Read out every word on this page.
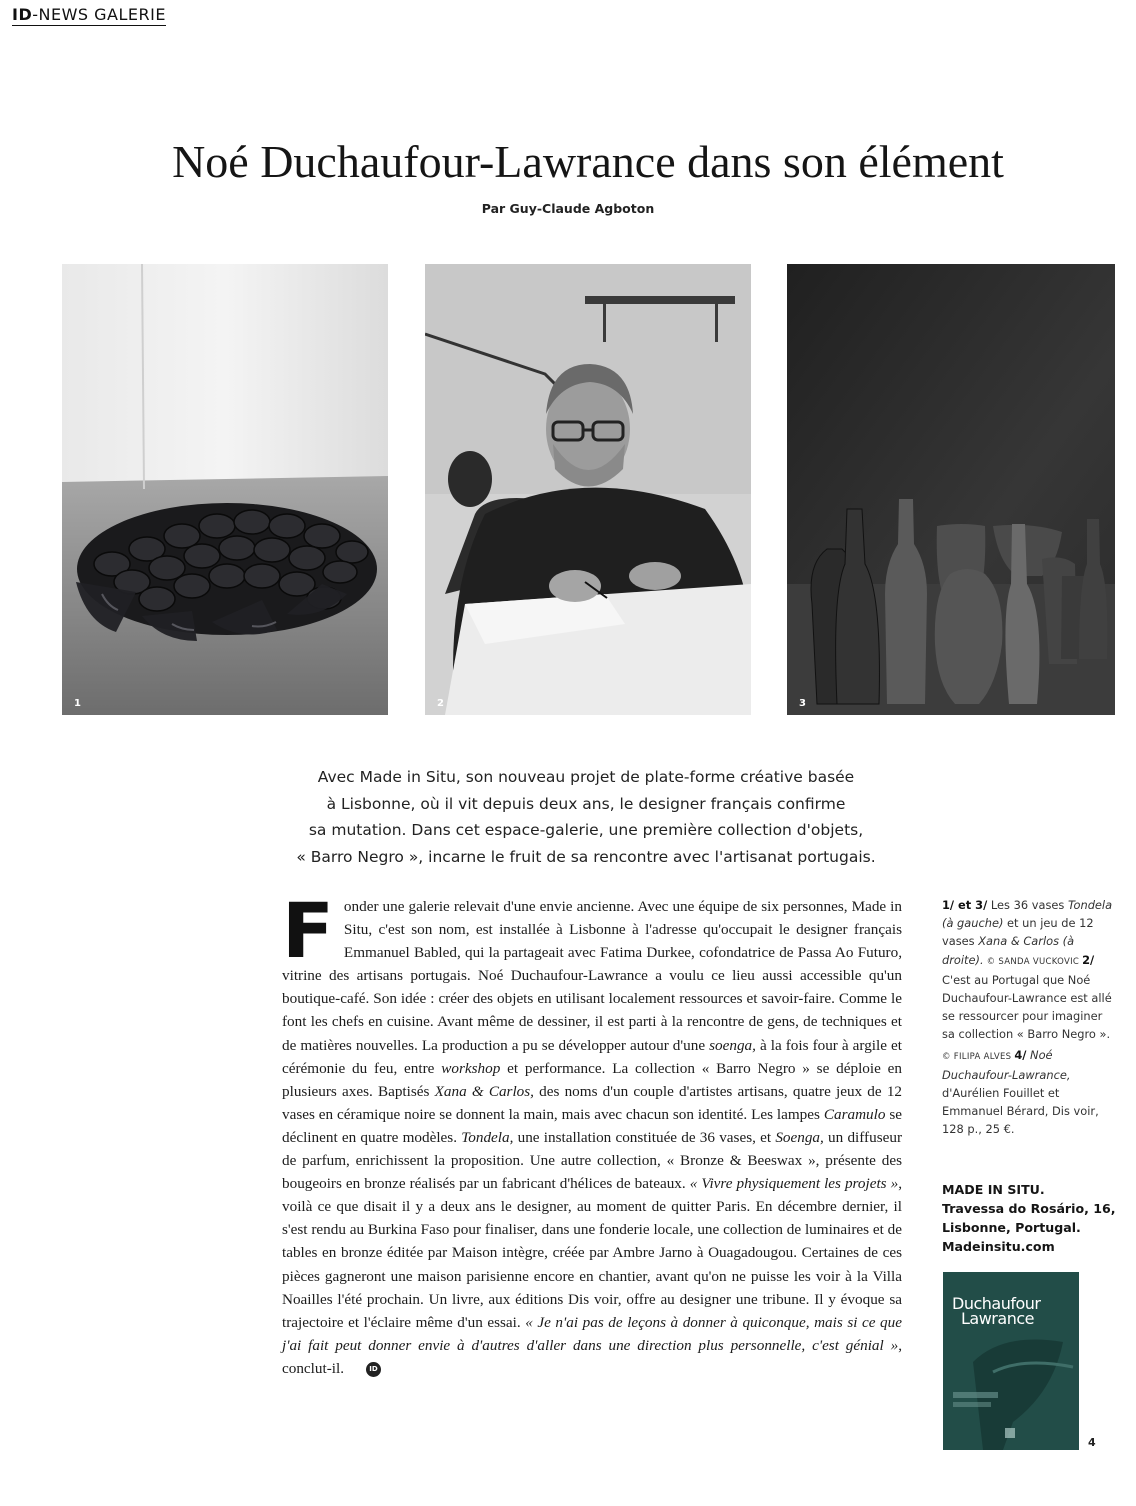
ID-NEWS GALERIE
Noé Duchaufour-Lawrance dans son élément
Par Guy-Claude Agboton
1	2	3
Avec Made in Situ, son nouveau projet de plate-forme créative basée
à Lisbonne, où il vit depuis deux ans, le designer français confirme
sa mutation. Dans cet espace-galerie, une première collection d'objets,
« Barro Negro », incarne le fruit de sa rencontre avec l'artisanat portugais.
Fonder une galerie relevait d'une envie ancienne. Avec une équipe de six personnes, Made in Situ, c'est son nom, est installée à Lisbonne à l'adresse qu'occupait le designer français Emmanuel Babled, qui la partageait avec Fatima Durkee, cofondatrice de Passa Ao Futuro, vitrine des artisans portugais. Noé Duchaufour-Lawrance a voulu ce lieu aussi accessible qu'un boutique-café. Son idée : créer des objets en utilisant localement ressources et savoir-faire. Comme le font les chefs en cuisine. Avant même de dessiner, il est parti à la rencontre de gens, de techniques et de matières nouvelles. La production a pu se développer autour d'une soenga, à la fois four à argile et cérémonie du feu, entre workshop et performance. La collection « Barro Negro » se déploie en plusieurs axes. Baptisés Xana & Carlos, des noms d'un couple d'artistes artisans, quatre jeux de 12 vases en céramique noire se donnent la main, mais avec chacun son identité. Les lampes Caramulo se déclinent en quatre modèles. Tondela, une installation constituée de 36 vases, et Soenga, un diffuseur de parfum, enrichissent la proposition. Une autre collection, « Bronze & Beeswax », présente des bougeoirs en bronze réalisés par un fabricant d'hélices de bateaux. « Vivre physiquement les projets », voilà ce que disait il y a deux ans le designer, au moment de quitter Paris. En décembre dernier, il s'est rendu au Burkina Faso pour finaliser, dans une fonderie locale, une collection de luminaires et de tables en bronze éditée par Maison intègre, créée par Ambre Jarno à Ouagadougou. Certaines de ces pièces gagneront une maison parisienne encore en chantier, avant qu'on ne puisse les voir à la Villa Noailles l'été prochain. Un livre, aux éditions Dis voir, offre au designer une tribune. Il y évoque sa trajectoire et l'éclaire même d'un essai. « Je n'ai pas de leçons à donner à quiconque, mais si ce que j'ai fait peut donner envie à d'autres d'aller dans une direction plus personnelle, c'est génial », conclut-il.	ID
1/ et 3/ Les 36 vases Tondela (à gauche) et un jeu de 12 vases Xana & Carlos (à droite). © SANDA VUCKOVIC 2/ C'est au Portugal que Noé Duchaufour-Lawrance est allé se ressourcer pour imaginer sa collection « Barro Negro ». © FILIPA ALVES 4/ Noé Duchaufour-Lawrance, d'Aurélien Fouillet et Emmanuel Bérard, Dis voir, 128 p., 25 €.
MADE IN SITU.
Travessa do Rosário, 16,
Lisbonne, Portugal.
Madeinsitu.com
Duchaufour
Lawrance
4
